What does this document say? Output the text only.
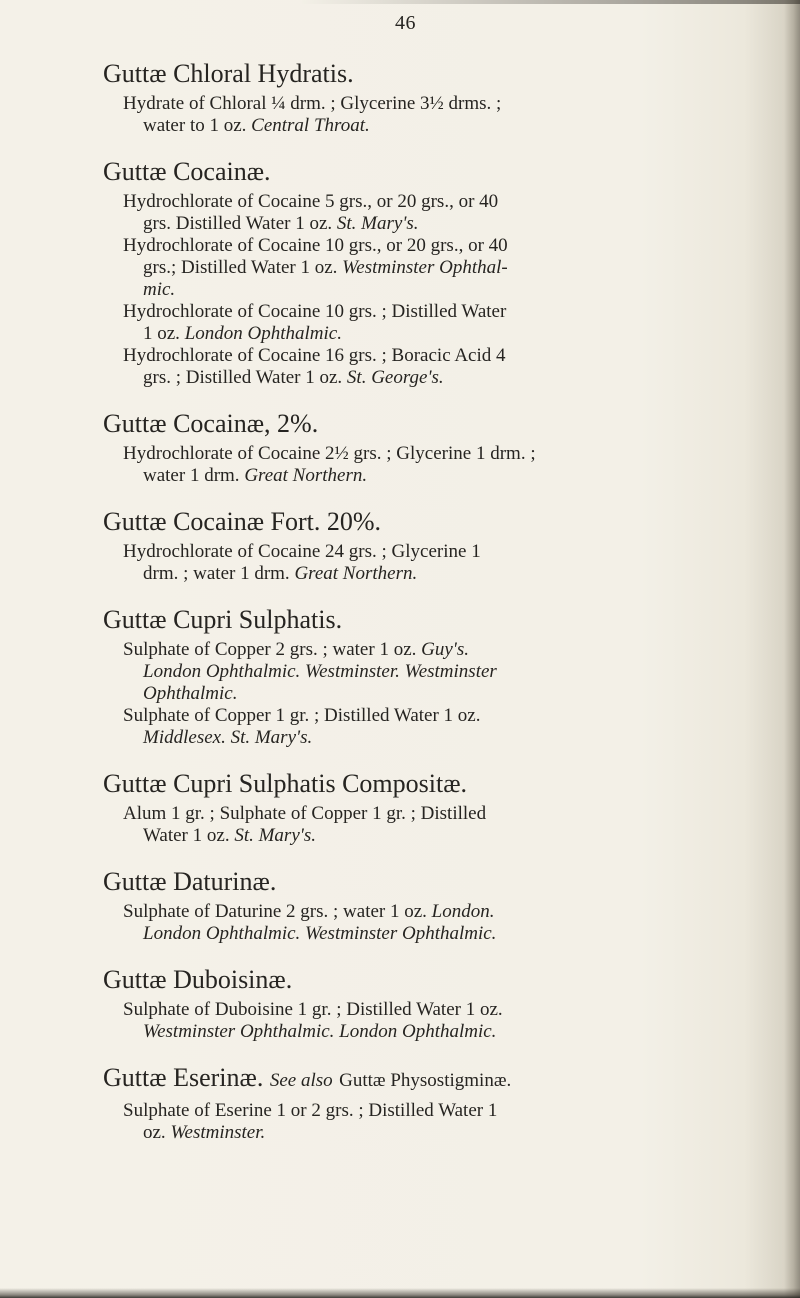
46
Guttæ Chloral Hydratis.
Hydrate of Chloral ¼ drm. ; Glycerine 3½ drms. ;
water to 1 oz. Central Throat.
Guttæ Cocainæ.
Hydrochlorate of Cocaine 5 grs., or 20 grs., or 40
grs. Distilled Water 1 oz. St. Mary's.
Hydrochlorate of Cocaine 10 grs., or 20 grs., or 40
grs.; Distilled Water 1 oz. Westminster Ophthal-
mic.
Hydrochlorate of Cocaine 10 grs. ; Distilled Water
1 oz. London Ophthalmic.
Hydrochlorate of Cocaine 16 grs. ; Boracic Acid 4
grs. ; Distilled Water 1 oz. St. George's.
Guttæ Cocainæ, 2%.
Hydrochlorate of Cocaine 2½ grs. ; Glycerine 1 drm. ;
water 1 drm. Great Northern.
Guttæ Cocainæ Fort. 20%.
Hydrochlorate of Cocaine 24 grs. ; Glycerine 1
drm. ; water 1 drm. Great Northern.
Guttæ Cupri Sulphatis.
Sulphate of Copper 2 grs. ; water 1 oz. Guy's.
London Ophthalmic. Westminster. Westminster
Ophthalmic.
Sulphate of Copper 1 gr. ; Distilled Water 1 oz.
Middlesex. St. Mary's.
Guttæ Cupri Sulphatis Compositæ.
Alum 1 gr. ; Sulphate of Copper 1 gr. ; Distilled
Water 1 oz. St. Mary's.
Guttæ Daturinæ.
Sulphate of Daturine 2 grs. ; water 1 oz. London.
London Ophthalmic. Westminster Ophthalmic.
Guttæ Duboisinæ.
Sulphate of Duboisine 1 gr. ; Distilled Water 1 oz.
Westminster Ophthalmic. London Ophthalmic.
Guttæ Eserinæ. See also Guttæ Physostigminæ.
Sulphate of Eserine 1 or 2 grs. ; Distilled Water 1
oz. Westminster.
